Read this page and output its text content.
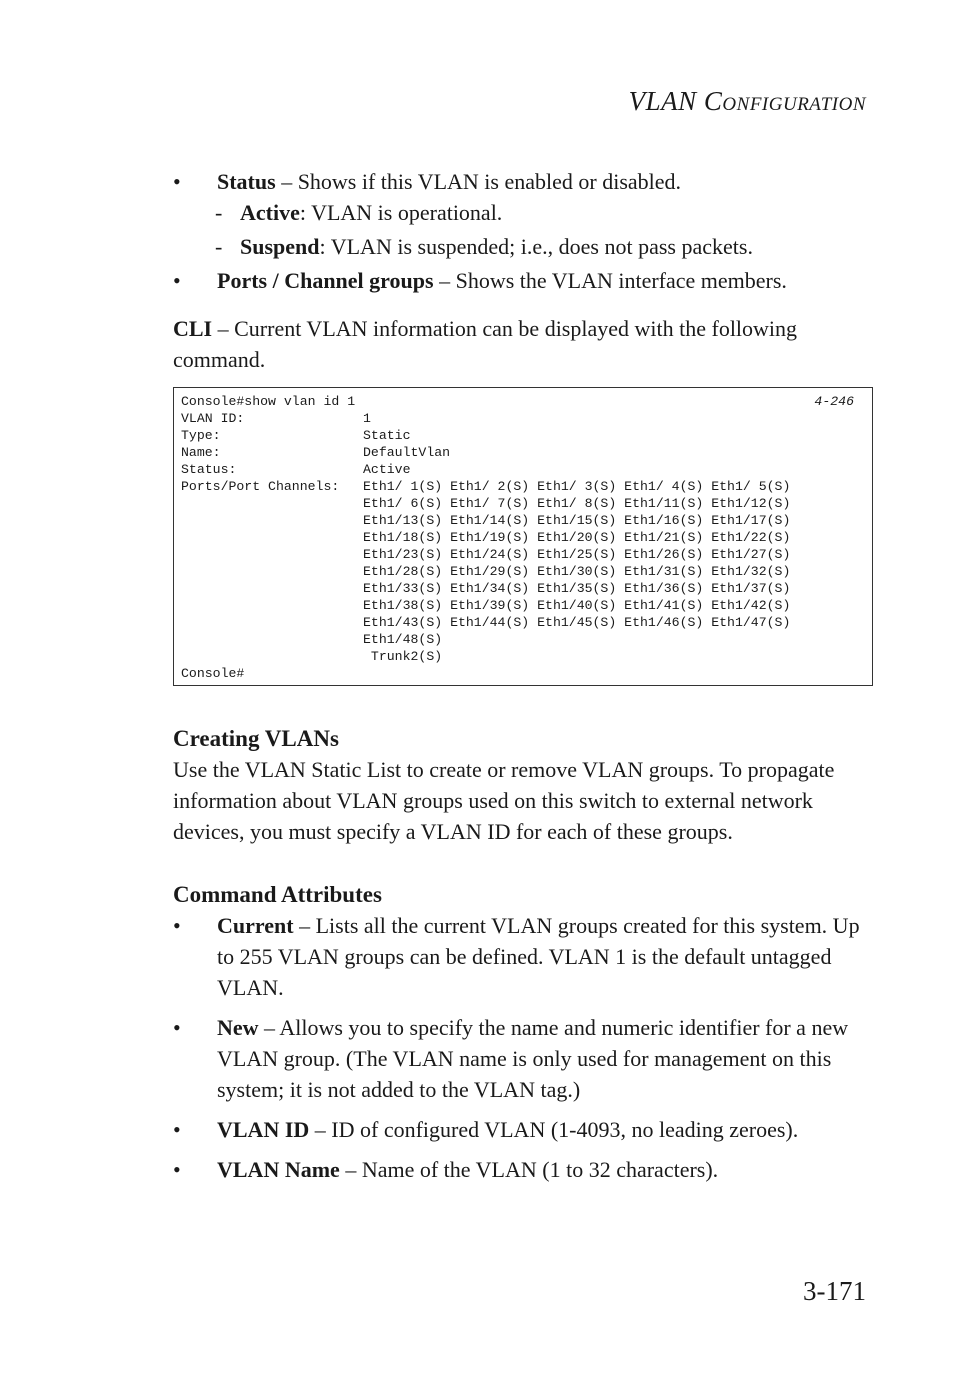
VLAN CONFIGURATION
• Status – Shows if this VLAN is enabled or disabled.
- Active: VLAN is operational.
- Suspend: VLAN is suspended; i.e., does not pass packets.
• Ports / Channel groups – Shows the VLAN interface members.
CLI – Current VLAN information can be displayed with the following command.
4-246
Console#show vlan id 1
VLAN ID:               1
Type:                  Static
Name:                  DefaultVlan
Status:                Active
Ports/Port Channels:   Eth1/ 1(S) Eth1/ 2(S) Eth1/ 3(S) Eth1/ 4(S) Eth1/ 5(S)
Eth1/ 6(S) Eth1/ 7(S) Eth1/ 8(S) Eth1/11(S) Eth1/12(S)
Eth1/13(S) Eth1/14(S) Eth1/15(S) Eth1/16(S) Eth1/17(S)
Eth1/18(S) Eth1/19(S) Eth1/20(S) Eth1/21(S) Eth1/22(S)
Eth1/23(S) Eth1/24(S) Eth1/25(S) Eth1/26(S) Eth1/27(S)
Eth1/28(S) Eth1/29(S) Eth1/30(S) Eth1/31(S) Eth1/32(S)
Eth1/33(S) Eth1/34(S) Eth1/35(S) Eth1/36(S) Eth1/37(S)
Eth1/38(S) Eth1/39(S) Eth1/40(S) Eth1/41(S) Eth1/42(S)
Eth1/43(S) Eth1/44(S) Eth1/45(S) Eth1/46(S) Eth1/47(S)
Eth1/48(S)
Trunk2(S)
Console#
Creating VLANs
Use the VLAN Static List to create or remove VLAN groups. To propagate information about VLAN groups used on this switch to external network devices, you must specify a VLAN ID for each of these groups.
Command Attributes
• Current – Lists all the current VLAN groups created for this system. Up to 255 VLAN groups can be defined. VLAN 1 is the default untagged VLAN.
• New – Allows you to specify the name and numeric identifier for a new VLAN group. (The VLAN name is only used for management on this system; it is not added to the VLAN tag.)
• VLAN ID – ID of configured VLAN (1-4093, no leading zeroes).
• VLAN Name – Name of the VLAN (1 to 32 characters).
3-171
